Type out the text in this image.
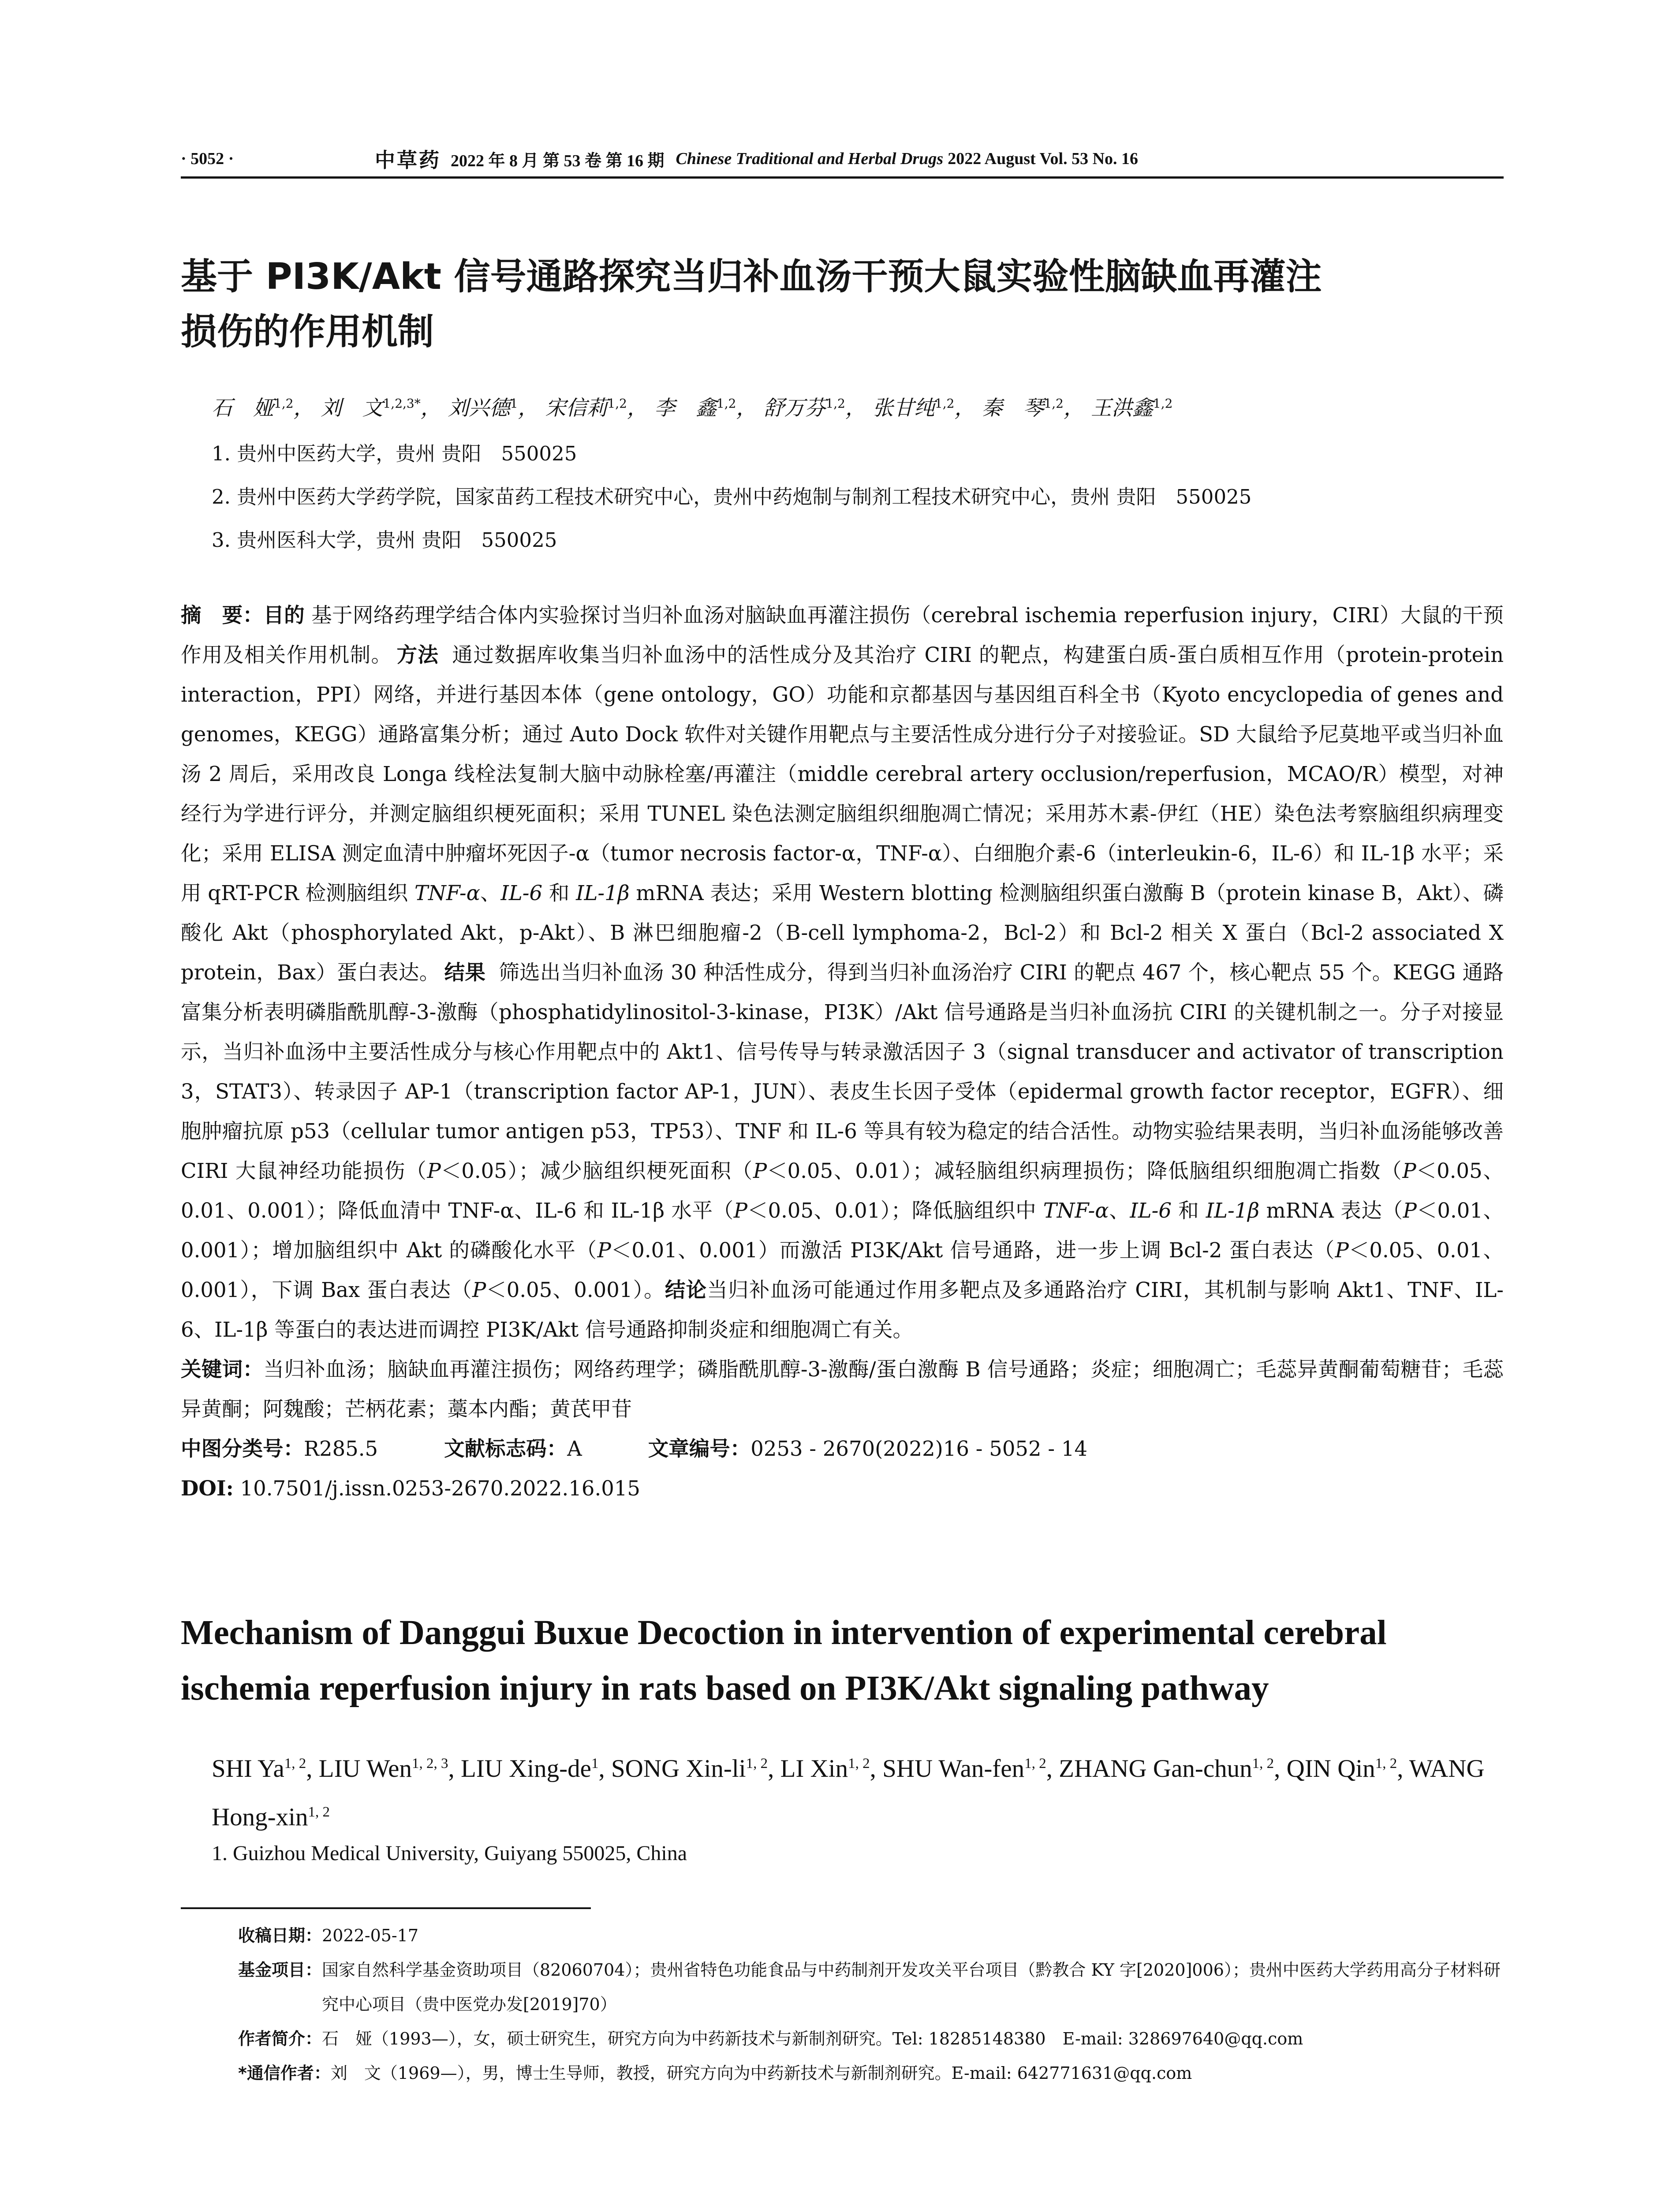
· 5052 ·	中草药 2022 年 8 月 第 53 卷 第 16 期 Chinese Traditional and Herbal Drugs 2022 August Vol. 53 No. 16
基于 PI3K/Akt 信号通路探究当归补血汤干预大鼠实验性脑缺血再灌注
损伤的作用机制
石　娅$^{1,2}$， 刘　文$^{1,2,3*}$， 刘兴德$^1$， 宋信莉$^{1,2}$， 李　鑫$^{1,2}$， 舒万芬$^{1,2}$， 张甘纯$^{1,2}$， 秦　琴$^{1,2}$， 王洪鑫$^{1,2}$
1. 贵州中医药大学，贵州 贵阳　550025
2. 贵州中医药大学药学院，国家苗药工程技术研究中心，贵州中药炮制与制剂工程技术研究中心，贵州 贵阳　550025
3. 贵州医科大学，贵州 贵阳　550025
摘　要：目的 基于网络药理学结合体内实验探讨当归补血汤对脑缺血再灌注损伤（cerebral ischemia reperfusion injury，CIRI）大鼠的干预作用及相关作用机制。 方法 通过数据库收集当归补血汤中的活性成分及其治疗 CIRI 的靶点，构建蛋白质-蛋白质相互作用（protein-protein interaction，PPI）网络，并进行基因本体（gene ontology，GO）功能和京都基因与基因组百科全书（Kyoto encyclopedia of genes and genomes，KEGG）通路富集分析；通过 Auto Dock 软件对关键作用靶点与主要活性成分进行分子对接验证。SD 大鼠给予尼莫地平或当归补血汤 2 周后，采用改良 Longa 线栓法复制大脑中动脉栓塞/再灌注（middle cerebral artery occlusion/reperfusion，MCAO/R）模型，对神经行为学进行评分，并测定脑组织梗死面积；采用 TUNEL 染色法测定脑组织细胞凋亡情况；采用苏木素-伊红（HE）染色法考察脑组织病理变化；采用 ELISA 测定血清中肿瘤坏死因子-α（tumor necrosis factor-α，TNF-α）、白细胞介素-6（interleukin-6，IL-6）和 IL-1β 水平；采用 qRT-PCR 检测脑组织 TNF-α、IL-6 和 IL-1β mRNA 表达；采用 Western blotting 检测脑组织蛋白激酶 B（protein kinase B，Akt）、磷酸化 Akt（phosphorylated Akt，p-Akt）、B 淋巴细胞瘤-2（B-cell lymphoma-2，Bcl-2）和 Bcl-2 相关 X 蛋白（Bcl-2 associated X protein，Bax）蛋白表达。 结果 筛选出当归补血汤 30 种活性成分，得到当归补血汤治疗 CIRI 的靶点 467 个，核心靶点 55 个。KEGG 通路富集分析表明磷脂酰肌醇-3-激酶（phosphatidylinositol-3-kinase，PI3K）/Akt 信号通路是当归补血汤抗 CIRI 的关键机制之一。分子对接显示，当归补血汤中主要活性成分与核心作用靶点中的 Akt1、信号传导与转录激活因子 3（signal transducer and activator of transcription 3，STAT3）、转录因子 AP-1（transcription factor AP-1，JUN）、表皮生长因子受体（epidermal growth factor receptor，EGFR）、细胞肿瘤抗原 p53（cellular tumor antigen p53，TP53）、TNF 和 IL-6 等具有较为稳定的结合活性。动物实验结果表明，当归补血汤能够改善 CIRI 大鼠神经功能损伤（P＜0.05）；减少脑组织梗死面积（P＜0.05、0.01）；减轻脑组织病理损伤；降低脑组织细胞凋亡指数（P＜0.05、0.01、0.001）；降低血清中 TNF-α、IL-6 和 IL-1β 水平（P＜0.05、0.01）；降低脑组织中 TNF-α、IL-6 和 IL-1β mRNA 表达（P＜0.01、0.001）；增加脑组织中 Akt 的磷酸化水平（P＜0.01、0.001）而激活 PI3K/Akt 信号通路，进一步上调 Bcl-2 蛋白表达（P＜0.05、0.01、0.001），下调 Bax 蛋白表达（P＜0.05、0.001）。结论当归补血汤可能通过作用多靶点及多通路治疗 CIRI，其机制与影响 Akt1、TNF、IL-6、IL-1β 等蛋白的表达进而调控 PI3K/Akt 信号通路抑制炎症和细胞凋亡有关。
关键词：当归补血汤；脑缺血再灌注损伤；网络药理学；磷脂酰肌醇-3-激酶/蛋白激酶 B 信号通路；炎症；细胞凋亡；毛蕊异黄酮葡萄糖苷；毛蕊异黄酮；阿魏酸；芒柄花素；藁本内酯；黄芪甲苷
中图分类号：R285.5	文献标志码：A	文章编号：0253 - 2670(2022)16 - 5052 - 14
DOI: 10.7501/j.issn.0253-2670.2022.16.015
Mechanism of Danggui Buxue Decoction in intervention of experimental cerebral ischemia reperfusion injury in rats based on PI3K/Akt signaling pathway
SHI Ya$^{1, 2}$, LIU Wen$^{1, 2, 3}$, LIU Xing-$de^1$, SONG Xin-li$^{1, 2}$, LI Xin$^{1, 2}$, SHU Wan-fen$^{1, 2}$, ZHANG Gan-chun$^{1, 2}$, QIN Qin$^{1, 2}$, WANG Hong-xin$^{1, 2}$
1. Guizhou Medical University, Guiyang 550025, China
收稿日期： 2022-05-17
基金项目： 国家自然科学基金资助项目（82060704）；贵州省特色功能食品与中药制剂开发攻关平台项目（黔教合 KY 字[2020]006）；贵州中医药大学药用高分子材料研究中心项目（贵中医党办发[2019]70）
作者简介： 石　娅（1993—），女，硕士研究生，研究方向为中药新技术与新制剂研究。Tel: 18285148380　E-mail: 328697640@qq.com
*通信作者： 刘　文（1969—），男，博士生导师，教授，研究方向为中药新技术与新制剂研究。E-mail: 642771631@qq.com
